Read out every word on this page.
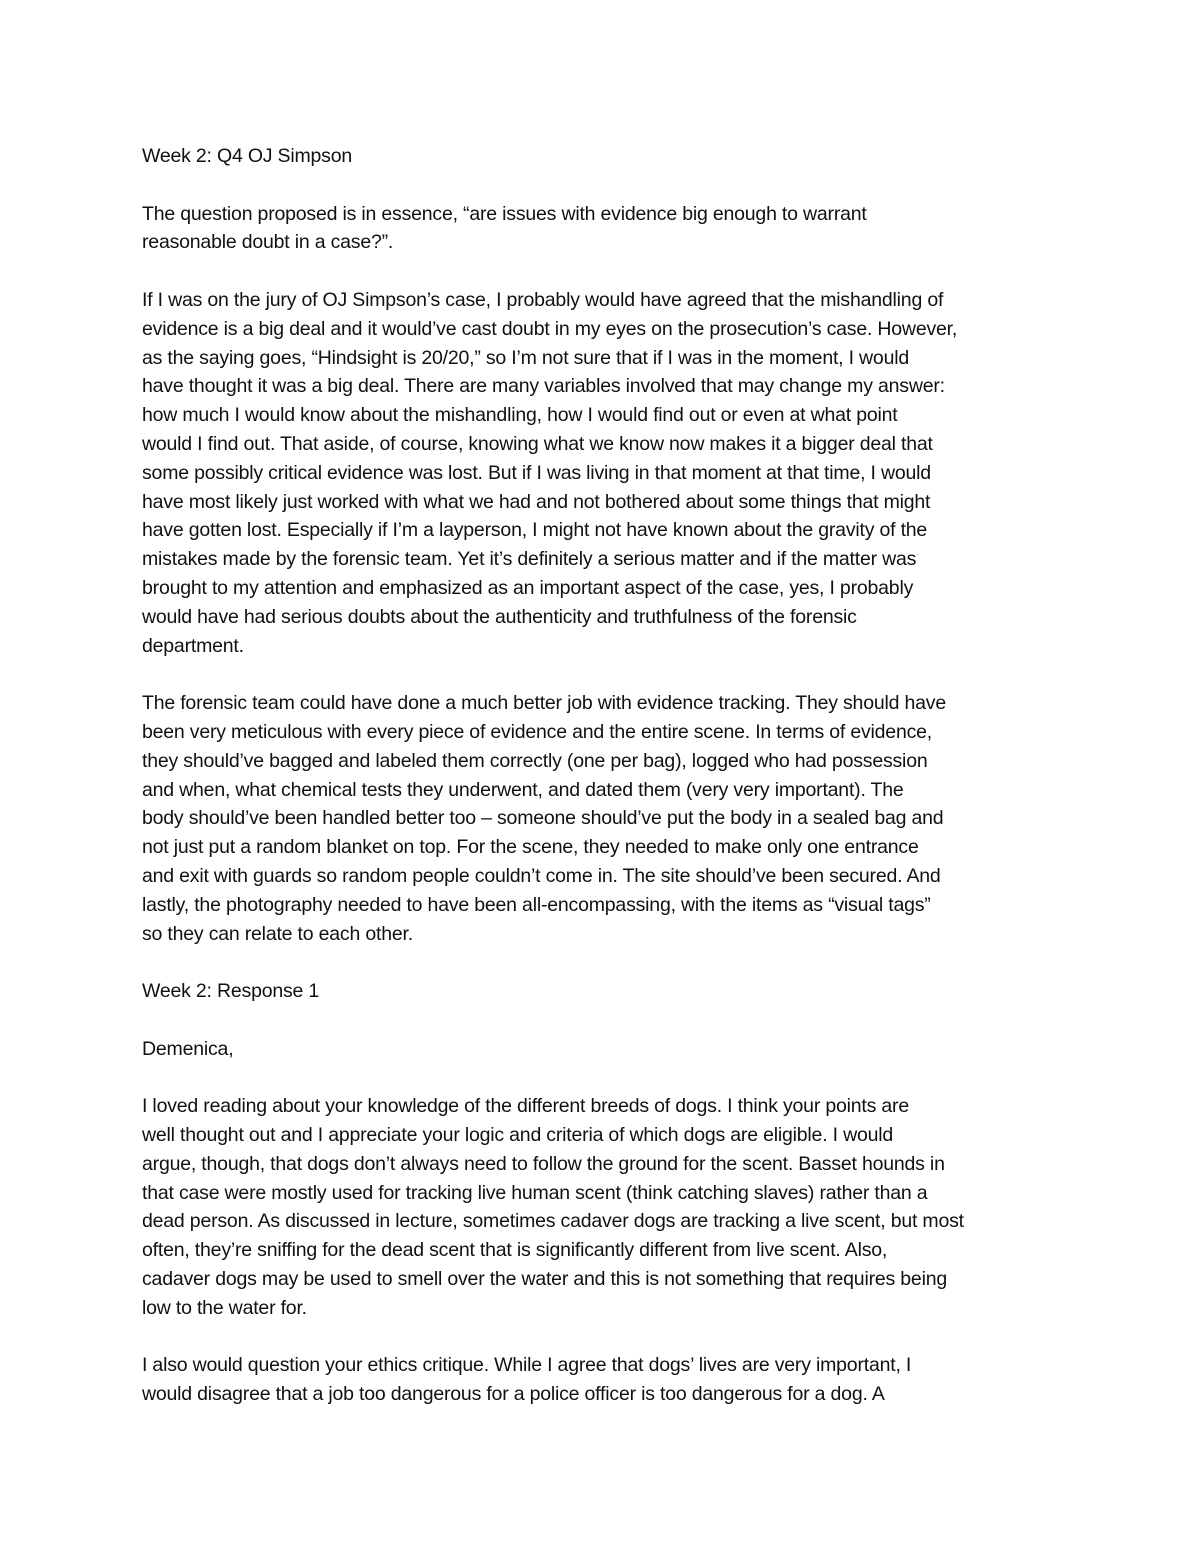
Week 2: Q4 OJ Simpson
The question proposed is in essence, “are issues with evidence big enough to warrant
reasonable doubt in a case?”.
If I was on the jury of OJ Simpson’s case, I probably would have agreed that the mishandling of
evidence is a big deal and it would’ve cast doubt in my eyes on the prosecution’s case. However,
as the saying goes, “Hindsight is 20/20,” so I’m not sure that if I was in the moment, I would
have thought it was a big deal. There are many variables involved that may change my answer:
how much I would know about the mishandling, how I would find out or even at what point
would I find out. That aside, of course, knowing what we know now makes it a bigger deal that
some possibly critical evidence was lost. But if I was living in that moment at that time, I would
have most likely just worked with what we had and not bothered about some things that might
have gotten lost. Especially if I’m a layperson, I might not have known about the gravity of the
mistakes made by the forensic team. Yet it’s definitely a serious matter and if the matter was
brought to my attention and emphasized as an important aspect of the case, yes, I probably
would have had serious doubts about the authenticity and truthfulness of the forensic
department.
The forensic team could have done a much better job with evidence tracking. They should have
been very meticulous with every piece of evidence and the entire scene. In terms of evidence,
they should’ve bagged and labeled them correctly (one per bag), logged who had possession
and when, what chemical tests they underwent, and dated them (very very important). The
body should’ve been handled better too – someone should’ve put the body in a sealed bag and
not just put a random blanket on top. For the scene, they needed to make only one entrance
and exit with guards so random people couldn’t come in. The site should’ve been secured. And
lastly, the photography needed to have been all-encompassing, with the items as “visual tags”
so they can relate to each other.
Week 2: Response 1
Demenica,
I loved reading about your knowledge of the different breeds of dogs. I think your points are
well thought out and I appreciate your logic and criteria of which dogs are eligible. I would
argue, though, that dogs don’t always need to follow the ground for the scent. Basset hounds in
that case were mostly used for tracking live human scent (think catching slaves) rather than a
dead person. As discussed in lecture, sometimes cadaver dogs are tracking a live scent, but most
often, they’re sniffing for the dead scent that is significantly different from live scent. Also,
cadaver dogs may be used to smell over the water and this is not something that requires being
low to the water for.
I also would question your ethics critique. While I agree that dogs’ lives are very important, I
would disagree that a job too dangerous for a police officer is too dangerous for a dog. A
